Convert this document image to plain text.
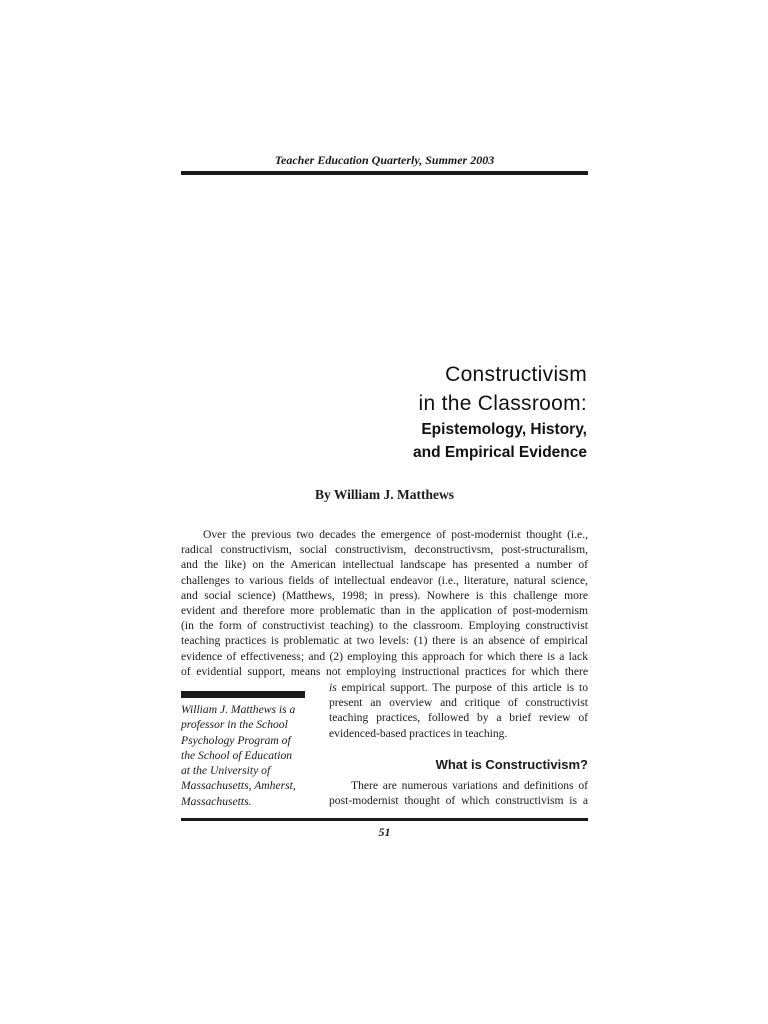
Teacher Education Quarterly, Summer 2003
Constructivism
in the Classroom:
Epistemology, History,
and Empirical Evidence
By William J. Matthews
Over the previous two decades the emergence of post-modernist thought (i.e.,
radical constructivism, social constructivism, deconstructivsm, post-structuralism,
and the like) on the American intellectual landscape has presented a number of
challenges to various fields of intellectual endeavor (i.e., literature, natural science,
and social science) (Matthews, 1998; in press). Nowhere is this challenge more
evident and therefore more problematic than in the application of post-modernism
(in the form of constructivist teaching) to the classroom. Employing constructivist
teaching practices is problematic at two levels: (1) there is an absence of empirical
evidence of effectiveness; and (2) employing this approach for which there is a lack
of evidential support, means not employing instructional practices for which there
is empirical support. The purpose of this article is to
present an overview and critique of constructivist
teaching practices, followed by a brief review of
evidenced-based practices in teaching.
William J. Matthews is a
professor in the School
Psychology Program of
the School of Education
at the University of
Massachusetts, Amherst,
Massachusetts.
What is Constructivism?
There are numerous variations and definitions of
post-modernist thought of which constructivism is a
51
